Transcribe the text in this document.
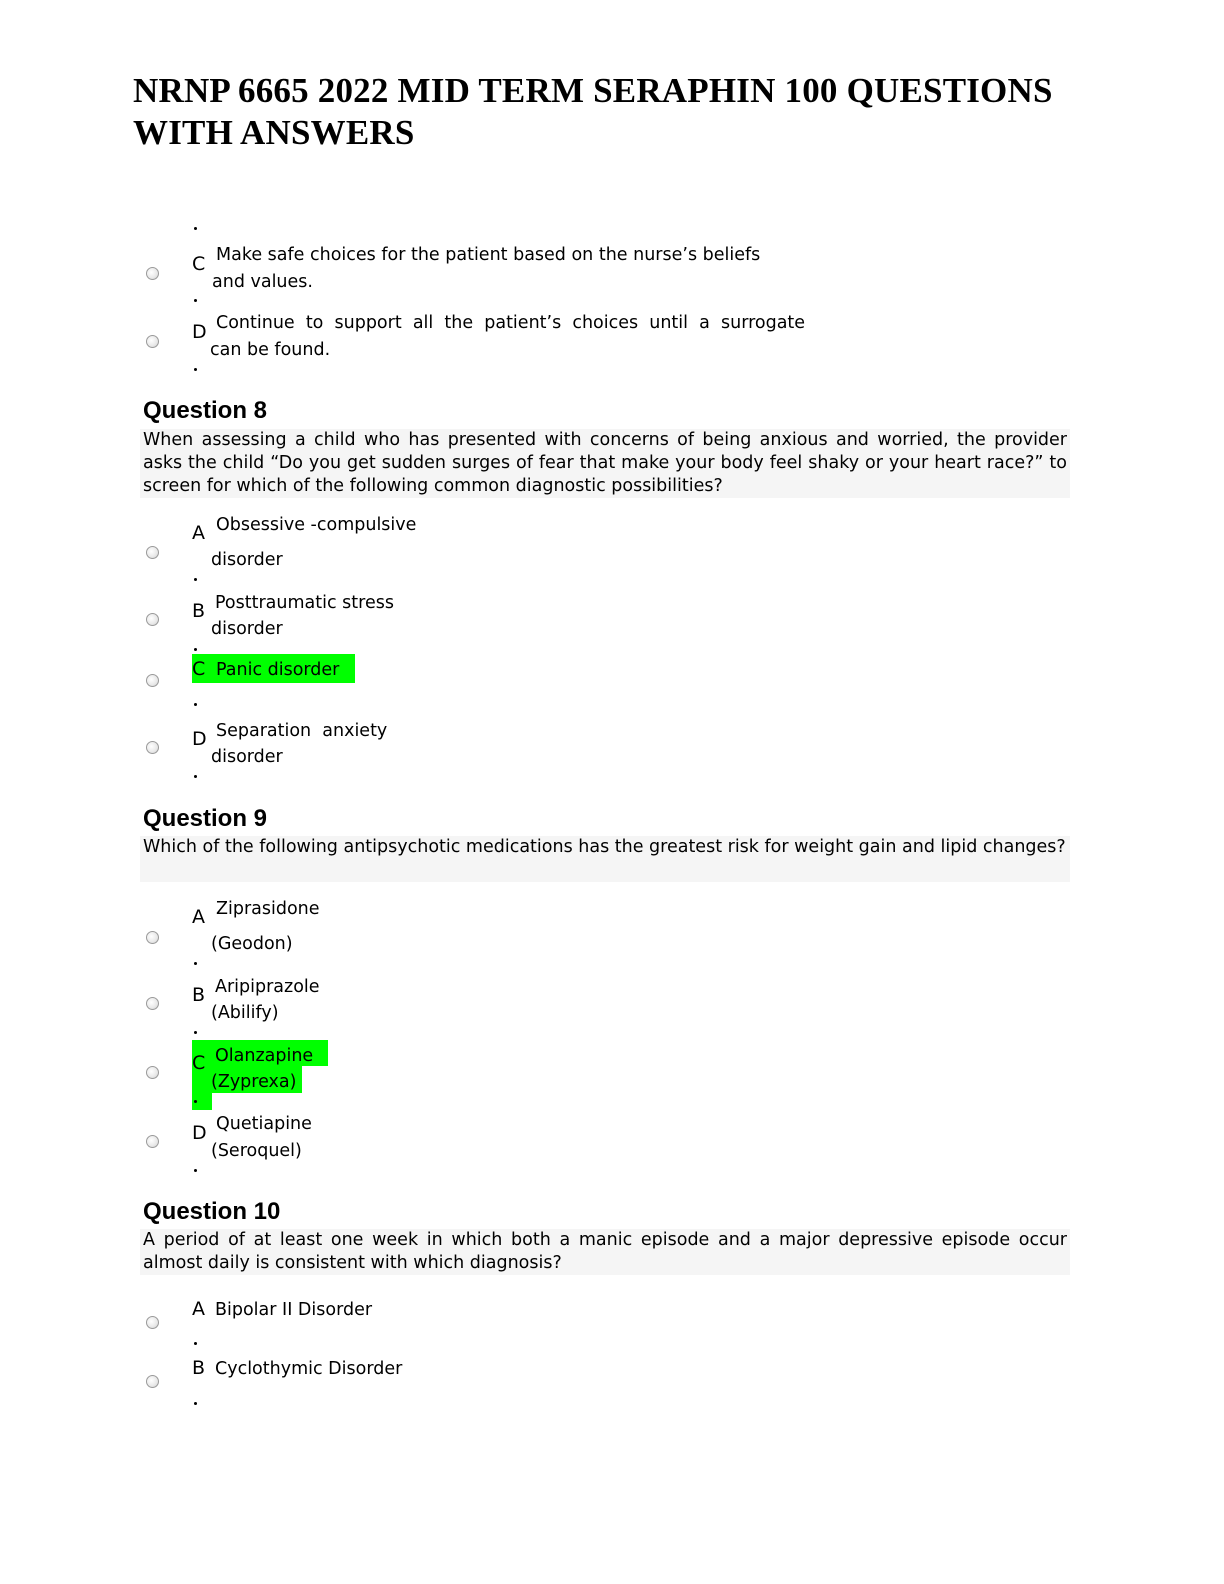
NRNP 6665 2022 MID TERM SERAPHIN 100 QUESTIONS WITH ANSWERS
C Make safe choices for the patient based on the nurse’s beliefs
and values.
D Continue  to  support  all  the  patient’s  choices  until  a  surrogate
can be found.
Question 8
When assessing a child who has presented with concerns of being anxious and worried, the provider asks the child “Do you get sudden surges of fear that make your body feel shaky or your heart race?” to screen for which of the following common diagnostic possibilities?
A Obsessive -compulsive
disorder
B Posttraumatic stress
disorder
C Panic disorder
D Separation  anxiety
disorder
Question 9
Which of the following antipsychotic medications has the greatest risk for weight gain and lipid changes?
A Ziprasidone
(Geodon)
B Aripiprazole
(Abilify)
C Olanzapine
(Zyprexa)
D Quetiapine
(Seroquel)
Question 10
A period of at least one week in which both a manic episode and a major depressive episode occur almost daily is consistent with which diagnosis?
A Bipolar II Disorder
B Cyclothymic Disorder
